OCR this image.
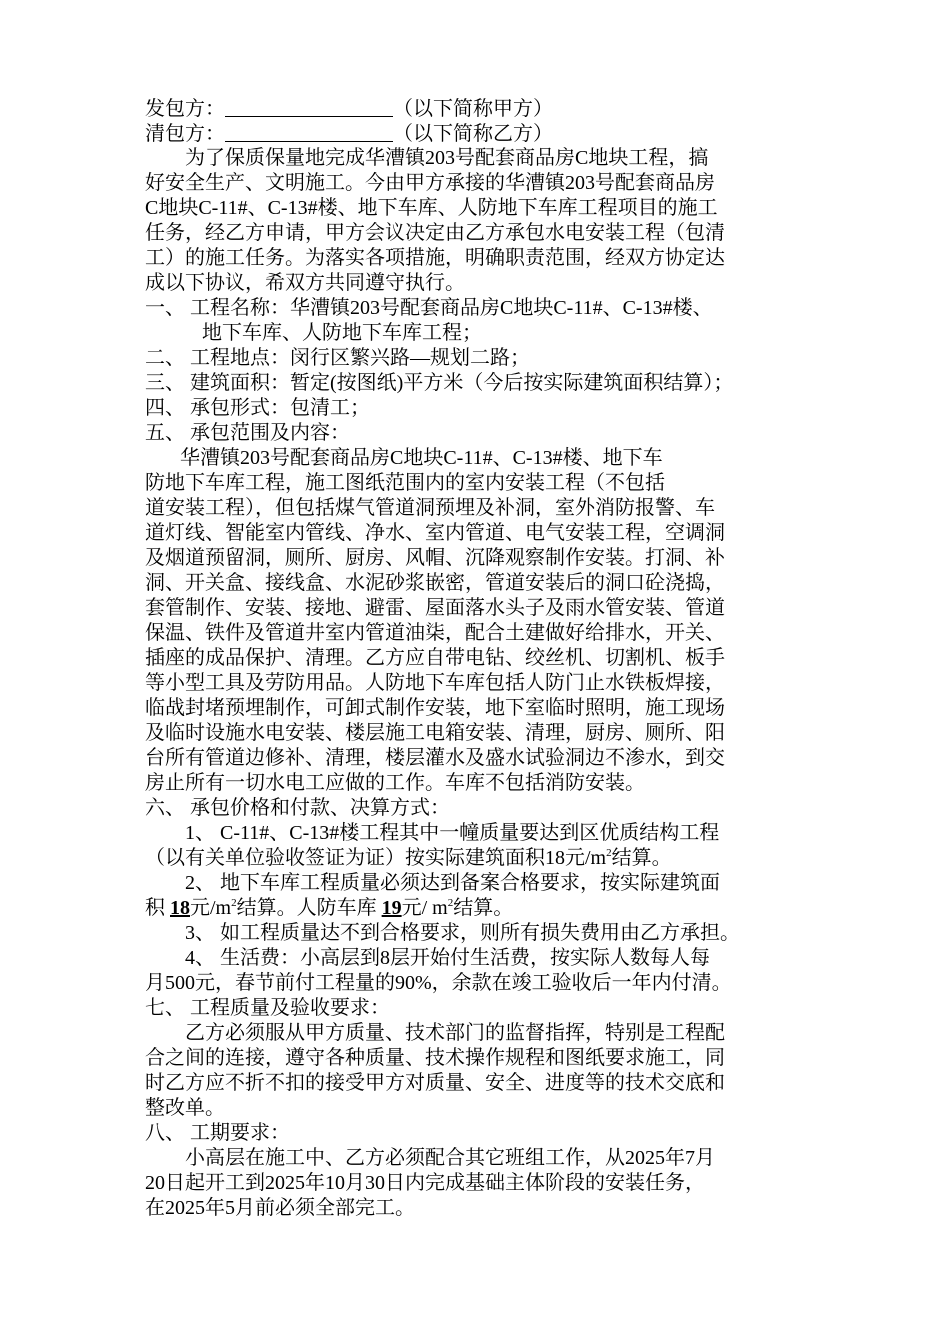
发包方：	（以下简称甲方）
清包方：	（以下简称乙方）
为了保质保量地完成华漕镇203号配套商品房C地块工程，搞
好安全生产、文明施工。今由甲方承接的华漕镇203号配套商品房
C地块C-11#、C-13#楼、地下车库、人防地下车库工程项目的施工
任务，经乙方申请，甲方会议决定由乙方承包水电安装工程（包清
工）的施工任务。为落实各项措施，明确职责范围，经双方协定达
成以下协议，希双方共同遵守执行。
一、 工程名称：华漕镇203号配套商品房C地块C-11#、C-13#楼、
地下车库、人防地下车库工程；
二、 工程地点：闵行区繁兴路—规划二路；
三、 建筑面积：暂定(按图纸)平方米（今后按实际建筑面积结算）；
四、 承包形式：包清工；
五、 承包范围及内容：
华漕镇203号配套商品房C地块C-11#、C-13#楼、地下车
防地下车库工程，施工图纸范围内的室内安装工程（不包括
道安装工程），但包括煤气管道洞预埋及补洞，室外消防报警、车
道灯线、智能室内管线、净水、室内管道、电气安装工程，空调洞
及烟道预留洞，厕所、厨房、风帽、沉降观察制作安装。打洞、补
洞、开关盒、接线盒、水泥砂浆嵌密，管道安装后的洞口砼浇捣，
套管制作、安装、接地、避雷、屋面落水头子及雨水管安装、管道
保温、铁件及管道井室内管道油柒，配合土建做好给排水，开关、
插座的成品保护、清理。乙方应自带电钻、绞丝机、切割机、板手
等小型工具及劳防用品。人防地下车库包括人防门止水铁板焊接，
临战封堵预埋制作，可卸式制作安装，地下室临时照明，施工现场
及临时设施水电安装、楼层施工电箱安装、清理，厨房、厕所、阳
台所有管道边修补、清理，楼层灌水及盛水试验洞边不渗水，到交
房止所有一切水电工应做的工作。车库不包括消防安装。
六、 承包价格和付款、决算方式：
1、 C-11#、C-13#楼工程其中一幢质量要达到区优质结构工程
（以有关单位验收签证为证）按实际建筑面积18元$/m^2$结算。
2、 地下车库工程质量必须达到备案合格要求，按实际建筑面
积 18元$/m^2$结算。人防车库 19元/ $m^2$结算。
3、 如工程质量达不到合格要求，则所有损失费用由乙方承担。
4、 生活费：小高层到8层开始付生活费，按实际人数每人每
月500元，春节前付工程量的90%，余款在竣工验收后一年内付清。
七、 工程质量及验收要求：
乙方必须服从甲方质量、技术部门的监督指挥，特别是工程配
合之间的连接，遵守各种质量、技术操作规程和图纸要求施工，同
时乙方应不折不扣的接受甲方对质量、安全、进度等的技术交底和
整改单。
八、 工期要求：
小高层在施工中、乙方必须配合其它班组工作，从2025年7月
20日起开工到2025年10月30日内完成基础主体阶段的安装任务，
在2025年5月前必须全部完工。
